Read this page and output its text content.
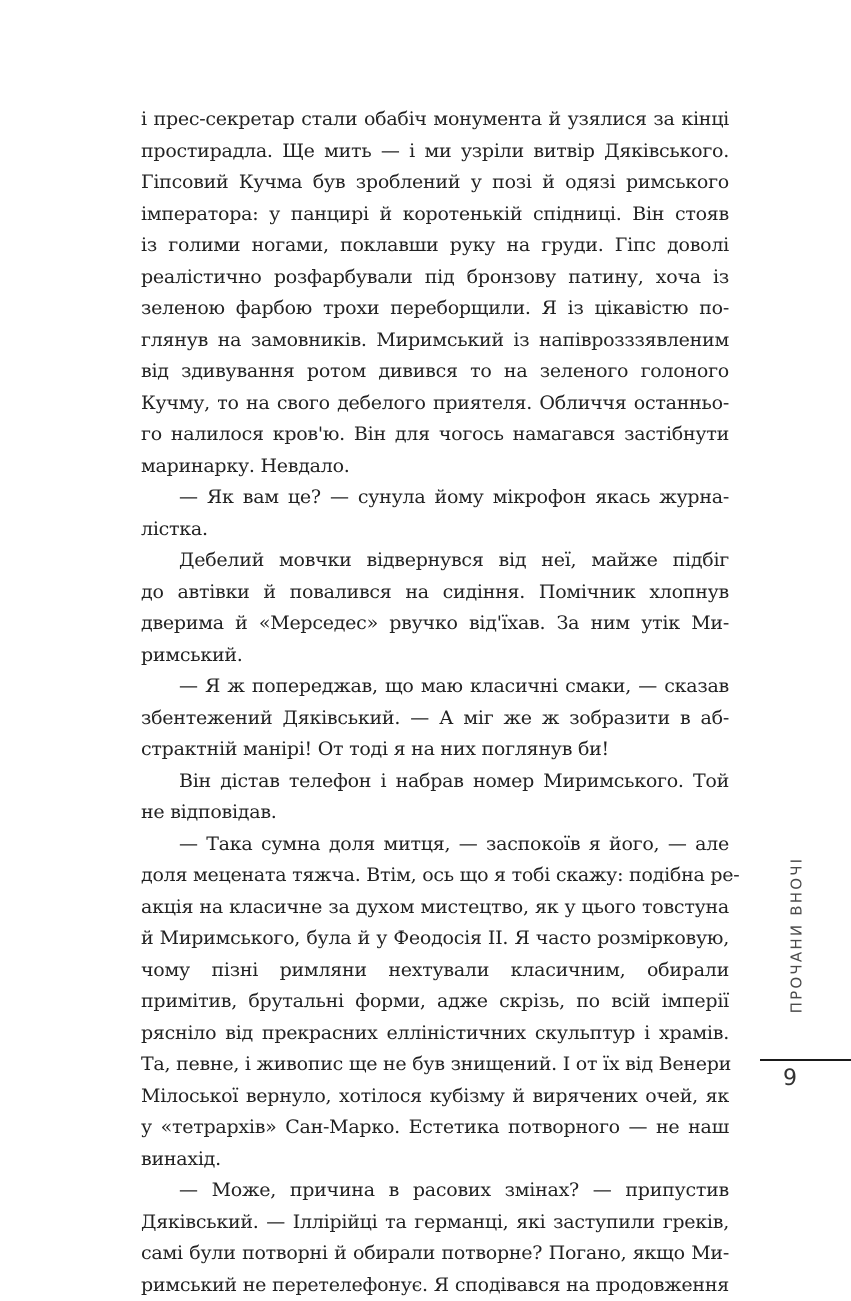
і прес-секретар стали обабіч монумента й узялися за кінці
простирадла. Ще мить — і ми узріли витвір Дяківського.
Гіпсовий Кучма був зроблений у позі й одязі римського
імператора: у панцирі й коротенькій спідниці. Він стояв
із голими ногами, поклавши руку на груди. Гіпс доволі
реалістично розфарбували під бронзову патину, хоча із
зеленою фарбою трохи переборщили. Я із цікавістю по-
глянув на замовників. Миримський із напіврозззявленим
від здивування ротом дивився то на зеленого голоного
Кучму, то на свого дебелого приятеля. Обличчя останньо-
го налилося кров'ю. Він для чогось намагався застібнути
маринарку. Невдало.
— Як вам це? — сунула йому мікрофон якась журна-
лістка.
Дебелий мовчки відвернувся від неї, майже підбіг
до автівки й повалився на сидіння. Помічник хлопнув
дверима й «Мерседес» рвучко від'їхав. За ним утік Ми-
римський.
— Я ж попереджав, що маю класичні смаки, — сказав
збентежений Дяківський. — А міг же ж зобразити в аб-
страктній манірі! От тоді я на них поглянув би!
Він дістав телефон і набрав номер Миримського. Той
не відповідав.
— Така сумна доля митця, — заспокоїв я його, — але
доля мецената тяжча. Втім, ось що я тобі скажу: подібна ре-
акція на класичне за духом мистецтво, як у цього товстуна
й Миримського, була й у Феодосія ІІ. Я часто розмірковую,
чому пізні римляни нехтували класичним, обирали
примітив, брутальні форми, адже скрізь, по всій імперії
рясніло від прекрасних елліністичних скульптур і храмів.
Та, певне, і живопис ще не був знищений. І от їх від Венери
Мілоської вернуло, хотілося кубізму й вирячених очей, як
у «тетрархів» Сан-Марко. Естетика потворного — не наш
винахід.
— Може, причина в расових змінах? — припустив
Дяківський. — Іллірійці та германці, які заступили греків,
самі були потворні й обирали потворне? Погано, якщо Ми-
римський не перетелефонує. Я сподівався на продовження
ПРОЧАНИ ВНОЧІ
9
